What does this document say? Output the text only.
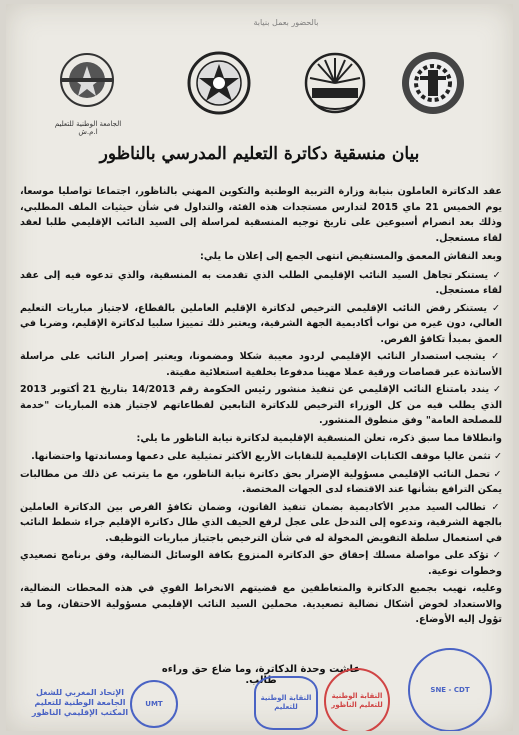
بالحضور بعمل بنيابة
الجامعة الوطنية للتعليم ا.م.ش
بيان منسقية دكاترة التعليم المدرسي بالناظور

عقد الدكاترة العاملون بنيابة وزارة التربية الوطنية والتكوين المهني بالناظور، اجتماعا تواصليا موسعا، يوم الخميس 21 ماي 2015 لتدارس مستجدات هذه الفئة، والتداول في شأن حيثيات الملف المطلبي، وذلك بعد انصرام أسبوعين على تاريخ توجيه المنسقية لمراسلة إلى السيد النائب الإقليمي طلبا لعقد لقاء مستعجل.

وبعد النقاش المعمق والمستفيض انتهى الجمع إلى إعلان ما يلي:

✓ يستنكر تجاهل السيد النائب الإقليمي الطلب الذي تقدمت به المنسقية، والذي تدعوه فيه إلى عقد لقاء مستعجل.

✓ يستنكر رفض النائب الإقليمي الترخيص لدكاترة الإقليم العاملين بالقطاع، لاجتياز مباريات التعليم العالي، دون غيره من نواب أكاديمية الجهة الشرقية، ويعتبر ذلك تمييزا سلبيا لدكاترة الإقليم، وضربا في العمق بمبدأ تكافؤ الفرص.

✓ يشجب استصدار النائب الإقليمي لردود معيبة شكلا ومضمونا، ويعتبر إصرار النائب على مراسلة الأساتذة عبر قصاصات ورقية عملا مهينا مدفوعا بخلفية استعلائية مقيتة.

✓ يندد بامتناع النائب الإقليمي عن تنفيذ منشور رئيس الحكومة رقم 14/2013 بتاريخ 21 أكتوبر 2013 الذي يطلب فيه من كل الوزراء الترخيص للدكاترة التابعين لقطاعاتهم لاجتياز هذه المباريات "خدمة للمصلحة العامة" وفق منطوق المنشور.

وانطلاقا مما سبق ذكره، تعلن المنسقية الإقليمية لدكاترة نيابة الناظور ما يلي:

✓ تثمن عاليا موقف الكتابات الإقليمية للنقابات الأربع الأكثر تمثيلية على دعمها ومساندتها واحتضانها.

✓ تحمل النائب الإقليمي مسؤولية الإضرار بحق دكاترة نيابة الناظور، مع ما يترتب عن ذلك من مطالبات يمكن الترافع بشأنها عند الاقتضاء لدى الجهات المختصة.

✓ تطالب السيد مدير الأكاديمية بضمان تنفيذ القانون، وضمان تكافؤ الفرص بين الدكاترة العاملين بالجهة الشرقية، وتدعوه إلى التدخل على عجل لرفع الحيف الذي طال دكاترة الإقليم جراء شطط النائب في استعمال سلطة التفويض المخولة له في شأن الترخيص باجتياز مباريات التوظيف.

✓ تؤكد على مواصلة مسلك إحقاق حق الدكاترة المنزوع بكافة الوسائل النضالية، وفق برنامج تصعيدي وخطوات نوعية.

وعليه، نهيب بجميع الدكاترة والمتعاطفين مع قضيتهم الانخراط القوي في هذه المحطات النضالية، والاستعداد لخوض أشكال نضالية تصعيدية. محملين السيد النائب الإقليمي مسؤولية الاحتقان، وما قد تؤول إليه الأوضاع.

عاشت وحدة الدكاترة، وما ضاع حق وراءه طالب.
الإتحاد المغربي للشغل الجامعة الوطنية للتعليم المكتب الإقليمي الناظور
UMT
النقابة الوطنية للتعليم
النقابة الوطنية للتعليم الناظور
SNE - CDT
